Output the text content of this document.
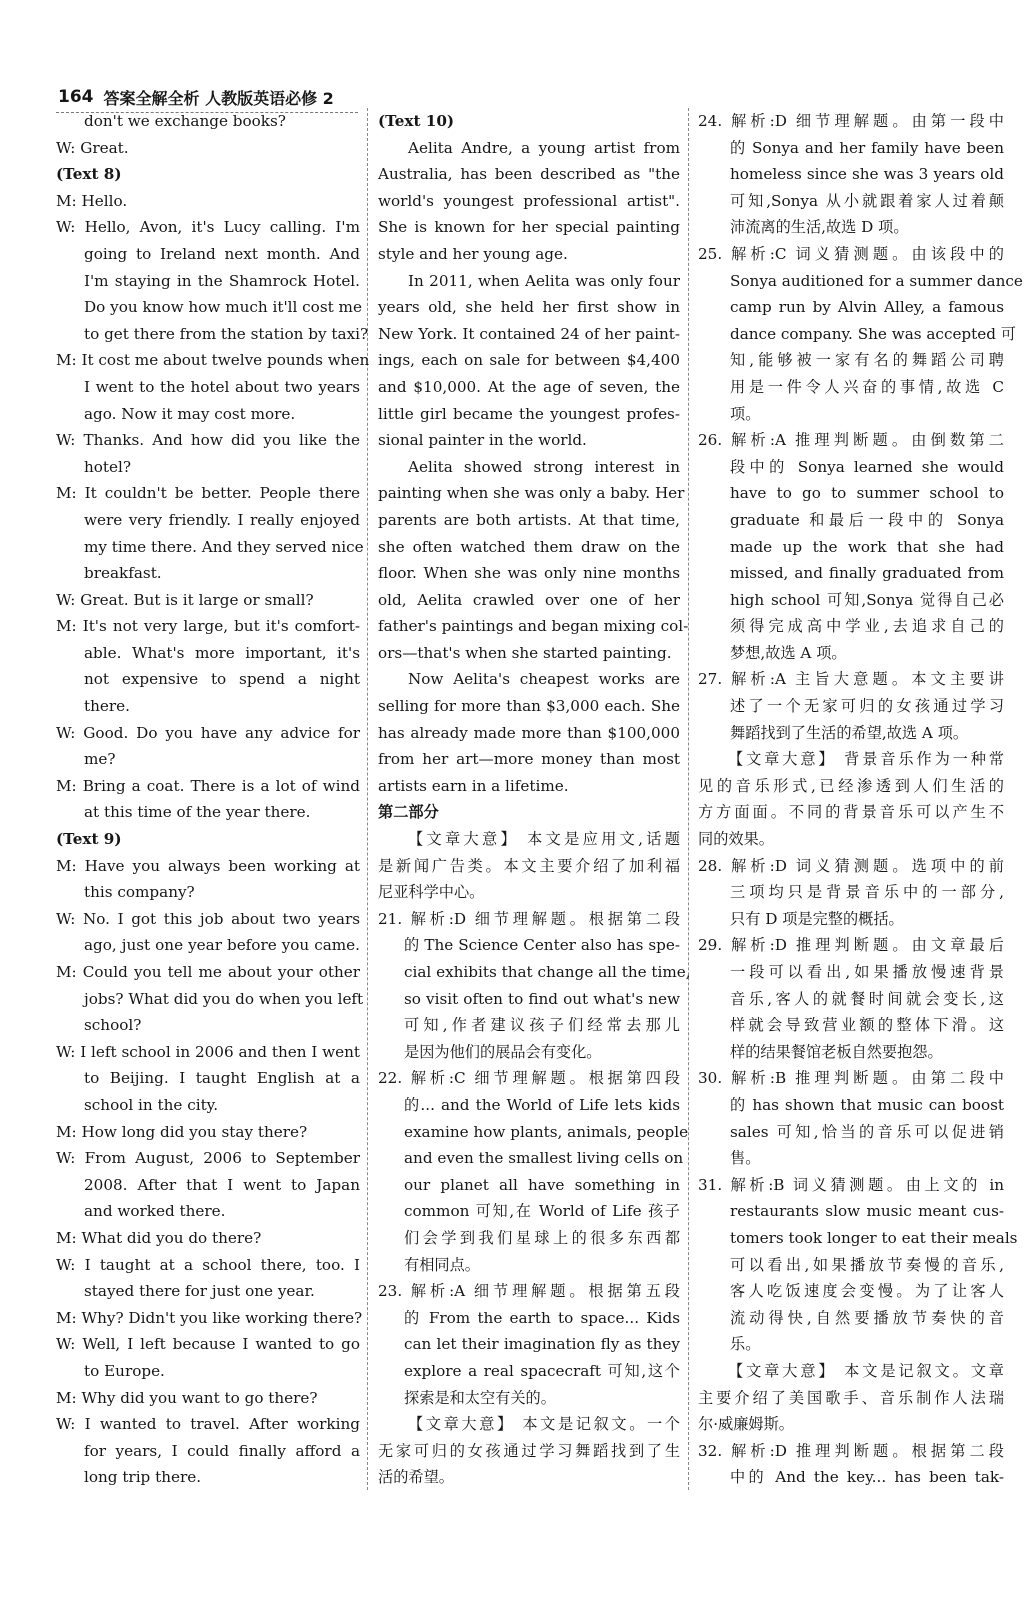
164 答案全解全析 人教版英语必修 2
don't we exchange books?
W: Great.
(Text 8)
M: Hello.
W: Hello, Avon, it's Lucy calling. I'm
going to Ireland next month. And
I'm staying in the Shamrock Hotel.
Do you know how much it'll cost me
to get there from the station by taxi?
M: It cost me about twelve pounds when
I went to the hotel about two years
ago. Now it may cost more.
W: Thanks. And how did you like the
hotel?
M: It couldn't be better. People there
were very friendly. I really enjoyed
my time there. And they served nice
breakfast.
W: Great. But is it large or small?
M: It's not very large, but it's comfort-
able. What's more important, it's
not expensive to spend a night
there.
W: Good. Do you have any advice for
me?
M: Bring a coat. There is a lot of wind
at this time of the year there.
(Text 9)
M: Have you always been working at
this company?
W: No. I got this job about two years
ago, just one year before you came.
M: Could you tell me about your other
jobs? What did you do when you left
school?
W: I left school in 2006 and then I went
to Beijing. I taught English at a
school in the city.
M: How long did you stay there?
W: From August, 2006 to September
2008. After that I went to Japan
and worked there.
M: What did you do there?
W: I taught at a school there, too. I
stayed there for just one year.
M: Why? Didn't you like working there?
W: Well, I left because I wanted to go
to Europe.
M: Why did you want to go there?
W: I wanted to travel. After working
for years, I could finally afford a
long trip there.
(Text 10)
Aelita Andre, a young artist from
Australia, has been described as "the
world's youngest professional artist".
She is known for her special painting
style and her young age.
In 2011, when Aelita was only four
years old, she held her first show in
New York. It contained 24 of her paint-
ings, each on sale for between $4,400
and $10,000. At the age of seven, the
little girl became the youngest profes-
sional painter in the world.
Aelita showed strong interest in
painting when she was only a baby. Her
parents are both artists. At that time,
she often watched them draw on the
floor. When she was only nine months
old, Aelita crawled over one of her
father's paintings and began mixing col-
ors—that's when she started painting.
Now Aelita's cheapest works are
selling for more than $3,000 each. She
has already made more than $100,000
from her art—more money than most
artists earn in a lifetime.
第二部分
【文章大意】 本文是应用文,话题
是新闻广告类。本文主要介绍了加利福
尼亚科学中心。
21. 解析:D 细节理解题。根据第二段
的 The Science Center also has spe-
cial exhibits that change all the time,
so visit often to find out what's new
可知,作者建议孩子们经常去那儿
是因为他们的展品会有变化。
22. 解析:C 细节理解题。根据第四段
的... and the World of Life lets kids
examine how plants, animals, people
and even the smallest living cells on
our planet all have something in
common 可知,在 World of Life 孩子
们会学到我们星球上的很多东西都
有相同点。
23. 解析:A 细节理解题。根据第五段
的 From the earth to space... Kids
can let their imagination fly as they
explore a real spacecraft 可知,这个
探索是和太空有关的。
【文章大意】 本文是记叙文。一个
无家可归的女孩通过学习舞蹈找到了生
活的希望。
24. 解析:D 细节理解题。由第一段中
的 Sonya and her family have been
homeless since she was 3 years old
可知,Sonya 从小就跟着家人过着颠
沛流离的生活,故选 D 项。
25. 解析:C 词义猜测题。由该段中的
Sonya auditioned for a summer dance
camp run by Alvin Alley, a famous
dance company. She was accepted 可
知,能够被一家有名的舞蹈公司聘
用是一件令人兴奋的事情,故选 C
项。
26. 解析:A 推理判断题。由倒数第二
段中的 Sonya learned she would
have to go to summer school to
graduate 和最后一段中的 Sonya
made up the work that she had
missed, and finally graduated from
high school 可知,Sonya 觉得自己必
须得完成高中学业,去追求自己的
梦想,故选 A 项。
27. 解析:A 主旨大意题。本文主要讲
述了一个无家可归的女孩通过学习
舞蹈找到了生活的希望,故选 A 项。
【文章大意】 背景音乐作为一种常
见的音乐形式,已经渗透到人们生活的
方方面面。不同的背景音乐可以产生不
同的效果。
28. 解析:D 词义猜测题。选项中的前
三项均只是背景音乐中的一部分,
只有 D 项是完整的概括。
29. 解析:D 推理判断题。由文章最后
一段可以看出,如果播放慢速背景
音乐,客人的就餐时间就会变长,这
样就会导致营业额的整体下滑。这
样的结果餐馆老板自然要抱怨。
30. 解析:B 推理判断题。由第二段中
的 has shown that music can boost
sales 可知,恰当的音乐可以促进销
售。
31. 解析:B 词义猜测题。由上文的 in
restaurants slow music meant cus-
tomers took longer to eat their meals
可以看出,如果播放节奏慢的音乐,
客人吃饭速度会变慢。为了让客人
流动得快,自然要播放节奏快的音
乐。
【文章大意】 本文是记叙文。文章
主要介绍了美国歌手、音乐制作人法瑞
尔·威廉姆斯。
32. 解析:D 推理判断题。根据第二段
中的 And the key... has been tak-
